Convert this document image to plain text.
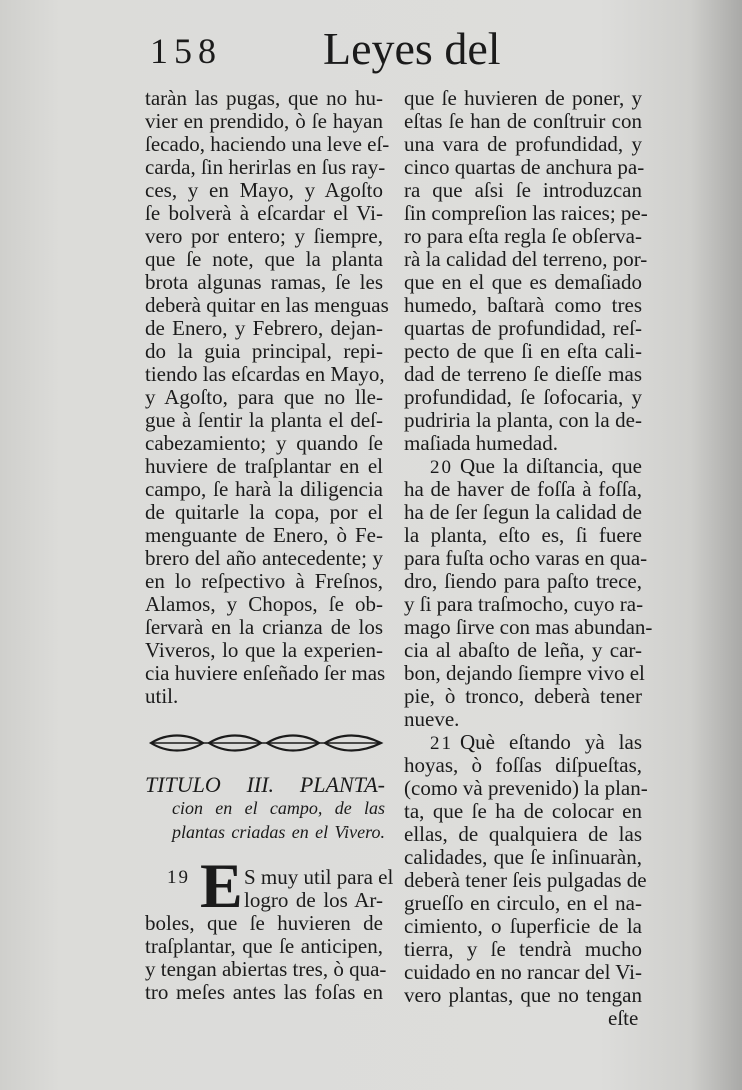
158 Leyes del
taràn las pugas, que no hu-
vier en prendido, ò ſe hayan
ſecado, haciendo una leve eſ-
carda, ſin herirlas en ſus ray-
ces, y en Mayo, y Agoſto
ſe bolverà à eſcardar el Vi-
vero por entero; y ſiempre,
que ſe note, que la planta
brota algunas ramas, ſe les
deberà quitar en las menguas
de Enero, y Febrero, dejan-
do la guia principal, repi-
tiendo las eſcardas en Mayo,
y Agoſto, para que no lle-
gue à ſentir la planta el deſ-
cabezamiento; y quando ſe
huviere de traſplantar en el
campo, ſe harà la diligencia
de quitarle la copa, por el
menguante de Enero, ò Fe-
brero del año antecedente; y
en lo reſpectivo à Freſnos,
Alamos, y Chopos, ſe ob-
ſervarà en la crianza de los
Viveros, lo que la experien-
cia huviere enſeñado ſer mas
util.
TITULO III. PLANTA-
cion en el campo, de las
plantas criadas en el Vivero.
19 E S muy util para el
logro de los Ar-
boles, que ſe huvieren de
traſplantar, que ſe anticipen,
y tengan abiertas tres, ò qua-
tro meſes antes las foſas en
que ſe huvieren de poner, y
eſtas ſe han de conſtruir con
una vara de profundidad, y
cinco quartas de anchura pa-
ra que aſsi ſe introduzcan
ſin compreſion las raices; pe-
ro para eſta regla ſe obſerva-
rà la calidad del terreno, por-
que en el que es demaſiado
humedo, baſtarà como tres
quartas de profundidad, reſ-
pecto de que ſi en eſta cali-
dad de terreno ſe dieſſe mas
profundidad, ſe ſofocaria, y
pudriria la planta, con la de-
maſiada humedad.
20 Que la diſtancia, que
ha de haver de foſſa à foſſa,
ha de ſer ſegun la calidad de
la planta, eſto es, ſi fuere
para fuſta ocho varas en qua-
dro, ſiendo para paſto trece,
y ſi para traſmocho, cuyo ra-
mago ſirve con mas abundan-
cia al abaſto de leña, y car-
bon, dejando ſiempre vivo el
pie, ò tronco, deberà tener
nueve.
21 Què eſtando yà las
hoyas, ò foſſas diſpueſtas,
(como và prevenido) la plan-
ta, que ſe ha de colocar en
ellas, de qualquiera de las
calidades, que ſe inſinuaràn,
deberà tener ſeis pulgadas de
grueſſo en circulo, en el na-
cimiento, o ſuperficie de la
tierra, y ſe tendrà mucho
cuidado en no rancar del Vi-
vero plantas, que no tengan
eſte
